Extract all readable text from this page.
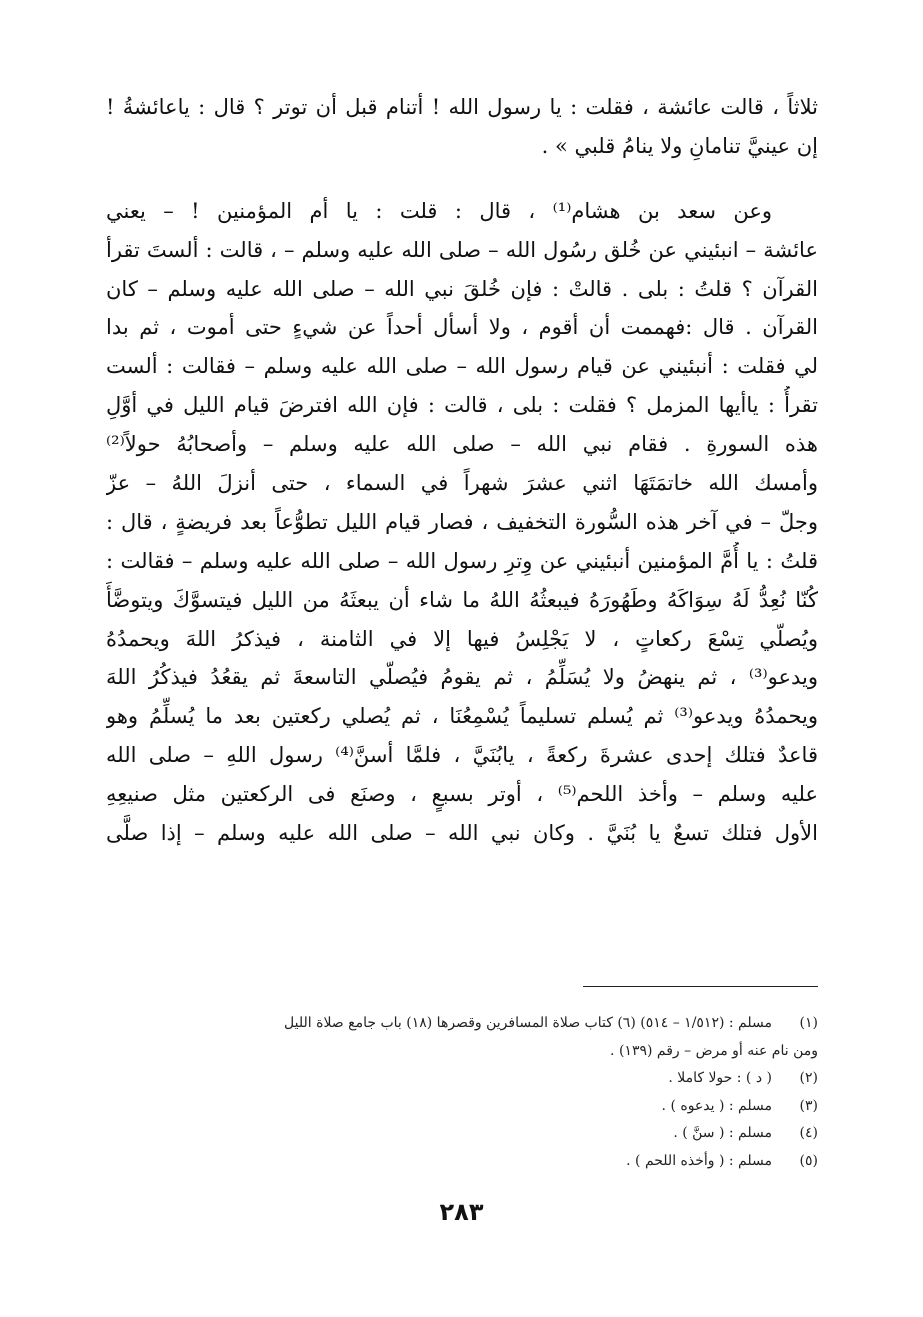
ثلاثاً ، قالت عائشة ، فقلت : يا رسول الله ! أتنام قبل أن توتر ؟ قال : ياعائشةُ !
إن عينيَّ تنامانِ ولا ينامُ قلبي » .
وعن سعد بن هشام⁽¹⁾ ، قال : قلت : يا أم المؤمنين ! – يعني
عائشة – انبئيني عن خُلق رسُول الله – صلى الله عليه وسلم – ، قالت : ألستَ تقرأ
القرآن ؟ قلتُ : بلى . قالتْ : فإن خُلقَ نبي الله – صلى الله عليه وسلم – كان
القرآن . قال :فهممت أن أقوم ، ولا أسأل أحداً عن شيءٍ حتى أموت ، ثم بدا
لي فقلت : أنبئيني عن قيام رسول الله – صلى الله عليه وسلم – فقالت : ألست
تقرأُ : ياأيها المزمل ؟ فقلت : بلى ، قالت : فإن الله افترضَ قيام الليل في أوَّلِ
هذه السورةِ . فقام نبي الله – صلى الله عليه وسلم – وأصحابُهُ حولاً⁽²⁾
وأمسك الله خاتمَتَهَا اثني عشرَ شهراً في السماء ، حتى أنزلَ اللهُ – عزّ
وجلّ – في آخر هذه السُّورة التخفيف ، فصار قيام الليل تطوُّعاً بعد فريضةٍ ، قال :
قلتُ : يا أُمَّ المؤمنين أنبئيني عن وِترِ رسول الله – صلى الله عليه وسلم – فقالت :
كُنّا نُعِدُّ لَهُ سِوَاكَهُ وطَهُورَهُ فيبعثُهُ اللهُ ما شاء أن يبعثَهُ من الليل فيتسوَّكَ ويتوضَّأَ
ويُصلّي تِسْعَ ركعاتٍ ، لا يَجْلِسُ فيها إلا في الثامنة ، فيذكرُ اللهَ ويحمدُهُ
ويدعو⁽³⁾ ، ثم ينهضُ ولا يُسَلِّمُ ، ثم يقومُ فيُصلّي التاسعةَ ثم يقعُدُ فيذكُرُ اللهَ
ويحمدُهُ ويدعو⁽³⁾ ثم يُسلم تسليماً يُسْمِعُنَا ، ثم يُصلي ركعتين بعد ما يُسلِّمُ وهو
قاعدٌ فتلك إحدى عشرةَ ركعةً ، يابُنَيَّ ، فلمَّا أسنَّ⁽⁴⁾ رسول اللهِ – صلى الله
عليه وسلم – وأخذ اللحم⁽⁵⁾ ، أوتر بسبعٍ ، وصنَع فى الركعتين مثل صنيعِهِ
الأول فتلك تسعٌ يا بُنَيَّ . وكان نبي الله – صلى الله عليه وسلم – إذا صلَّى
(١)
مسلم : (١/٥١٢ – ٥١٤) (٦) كتاب صلاة المسافرين وقصرها (١٨) باب جامع صلاة الليل
ومن نام عنه أو مرض – رقم (١٣٩) .
(٢)
( د ) : حولا كاملا .
(٣)
مسلم : ( يدعوه ) .
(٤)
مسلم : ( سنَّ ) .
(٥)
مسلم : ( وأخذه اللحم ) .
٢٨٣
